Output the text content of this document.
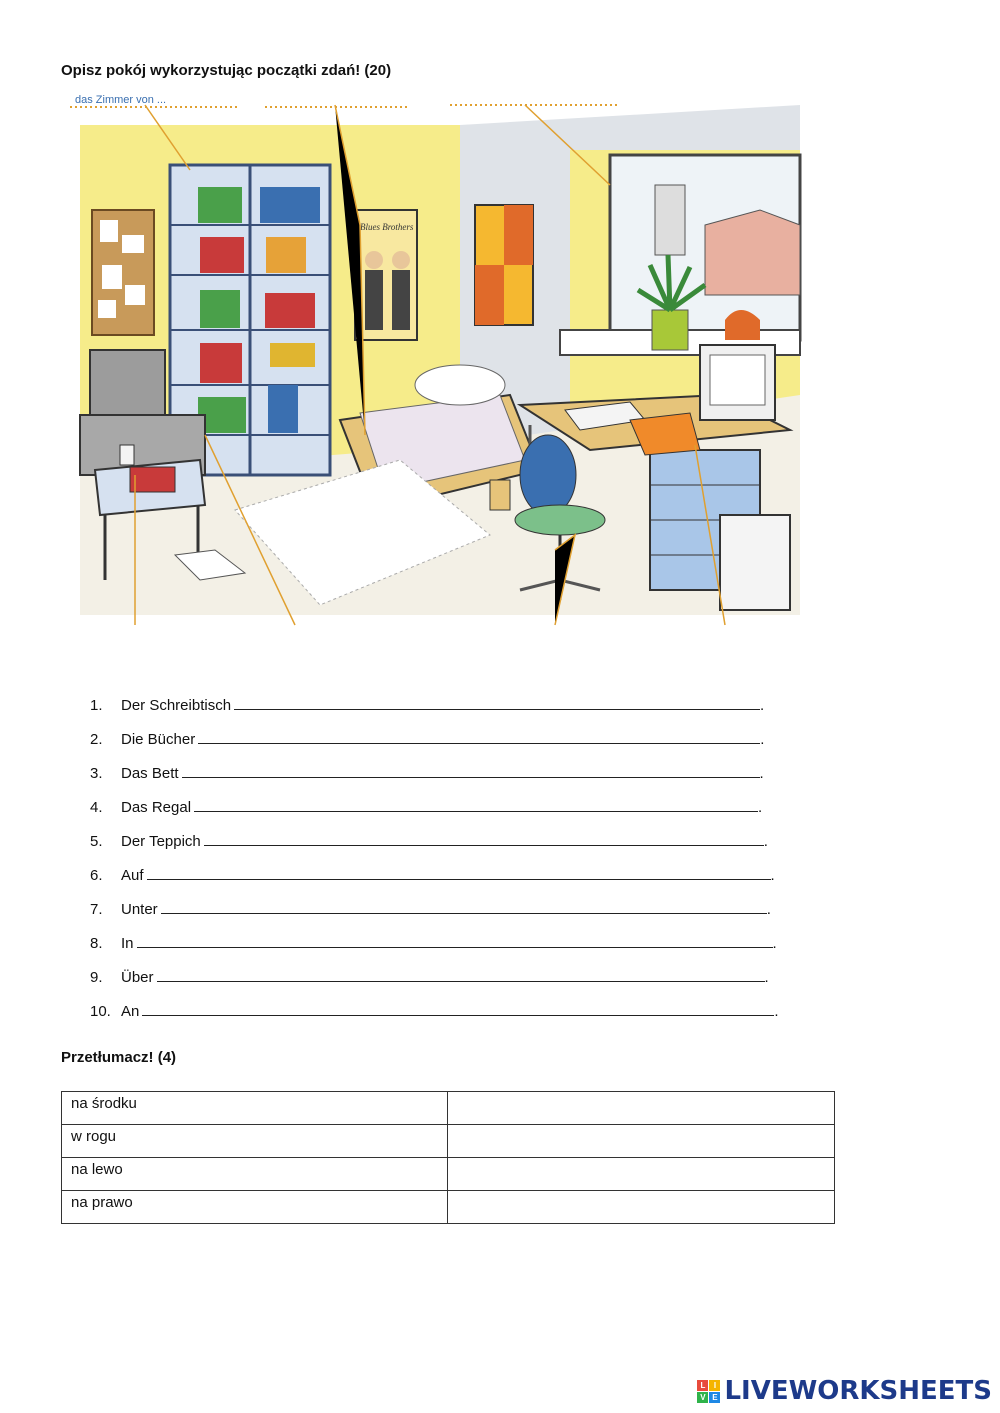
Opisz pokój wykorzystując początki zdań! (20)
das Zimmer von ...
Blues Brothers
1. Der Schreibtisch	.
2. Die Bücher	.
3. Das Bett	.
4. Das Regal	.
5. Der Teppich	.
6. Auf	.
7. Unter	.
8. In	.
9. Über	.
10. An	.
Przetłumacz! (4)
na środku	
w rogu	
na lewo	
na prawo	
L	I
V E LIVEWORKSHEETS
